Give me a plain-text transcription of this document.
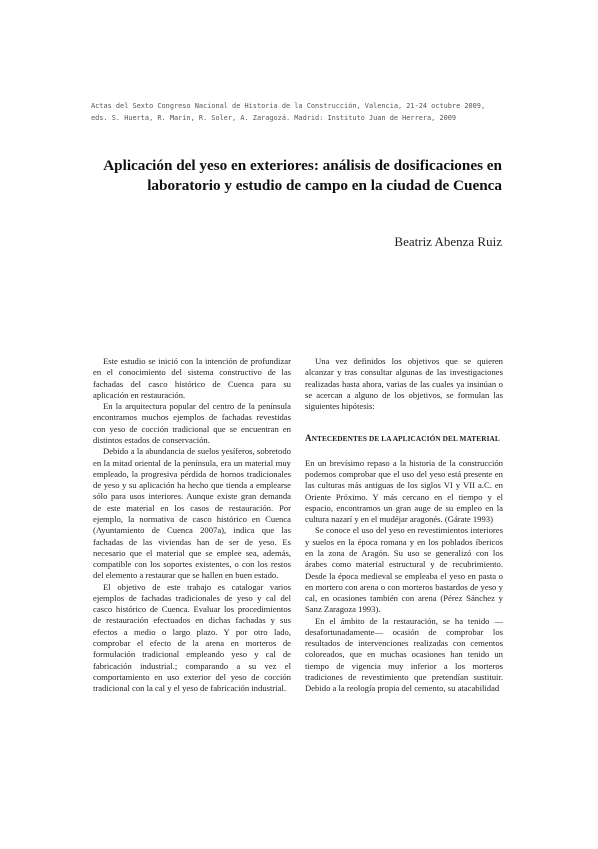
Actas del Sexto Congreso Nacional de Historia de la Construcción, Valencia, 21-24 octubre 2009,
eds. S. Huerta, R. Marín, R. Soler, A. Zaragozá. Madrid: Instituto Juan de Herrera, 2009
Aplicación del yeso en exteriores: análisis de dosificaciones en
laboratorio y estudio de campo en la ciudad de Cuenca
Beatriz Abenza Ruiz

Este estudio se inició con la intención de profundizar en el conocimiento del sistema constructivo de las fachadas del casco histórico de Cuenca para su aplicación en restauración.

En la arquitectura popular del centro de la península encontramos muchos ejemplos de fachadas revestidas con yeso de cocción tradicional que se encuentran en distintos estados de conservación.

Debido a la abundancia de suelos yesíferos, sobretodo en la mitad oriental de la península, era un material muy empleado, la progresiva pérdida de hornos tradicionales de yeso y su aplicación ha hecho que tienda a emplearse sólo para usos interiores. Aunque existe gran demanda de este material en los casos de restauración. Por ejemplo, la normativa de casco histórico en Cuenca (Ayuntamiento de Cuenca 2007a), indica que las fachadas de las viviendas han de ser de yeso. Es necesario que el material que se emplee sea, además, compatible con los soportes existentes, o con los restos del elemento a restaurar que se hallen en buen estado.

El objetivo de este trabajo es catalogar varios ejemplos de fachadas tradicionales de yeso y cal del casco histórico de Cuenca. Evaluar los procedimientos de restauración efectuados en dichas fachadas y sus efectos a medio o largo plazo. Y por otro lado, comprobar el efecto de la arena en morteros de formulación tradicional empleando yeso y cal de fabricación industrial.; comparando a su vez el comportamiento en uso exterior del yeso de cocción tradicional con la cal y el yeso de fabricación industrial.

Una vez definidos los objetivos que se quieren alcanzar y tras consultar algunas de las investigaciones realizadas hasta ahora, varias de las cuales ya insinúan o se acercan a alguno de los objetivos, se formulan las siguientes hipótesis:

ANTECEDENTES DE LA APLICACIÓN DEL MATERIAL

En un brevísimo repaso a la historia de la construcción podemos comprobar que el uso del yeso está presente en las culturas más antiguas de los siglos VI y VII a.C. en Oriente Próximo. Y más cercano en el tiempo y el espacio, encontramos un gran auge de su empleo en la cultura nazarí y en el mudéjar aragonés. (Gárate 1993)

Se conoce el uso del yeso en revestimientos interiores y suelos en la época romana y en los poblados íbericos en la zona de Aragón. Su uso se generalizó con los árabes como material estructural y de recubrimiento. Desde la época medieval se empleaba el yeso en pasta o en mortero con arena o con morteros bastardos de yeso y cal, en ocasiones también con arena (Pérez Sánchez y Sanz Zaragoza 1993).

En el ámbito de la restauración, se ha tenido —desafortunadamente— ocasión de comprobar los resultados de intervenciones realizadas con cementos coloreados, que en muchas ocasiones han tenido un tiempo de vigencia muy inferior a los morteros tradiciones de revestimiento que pretendían sustituir. Debido a la reología propia del cemento, su atacabilidad
